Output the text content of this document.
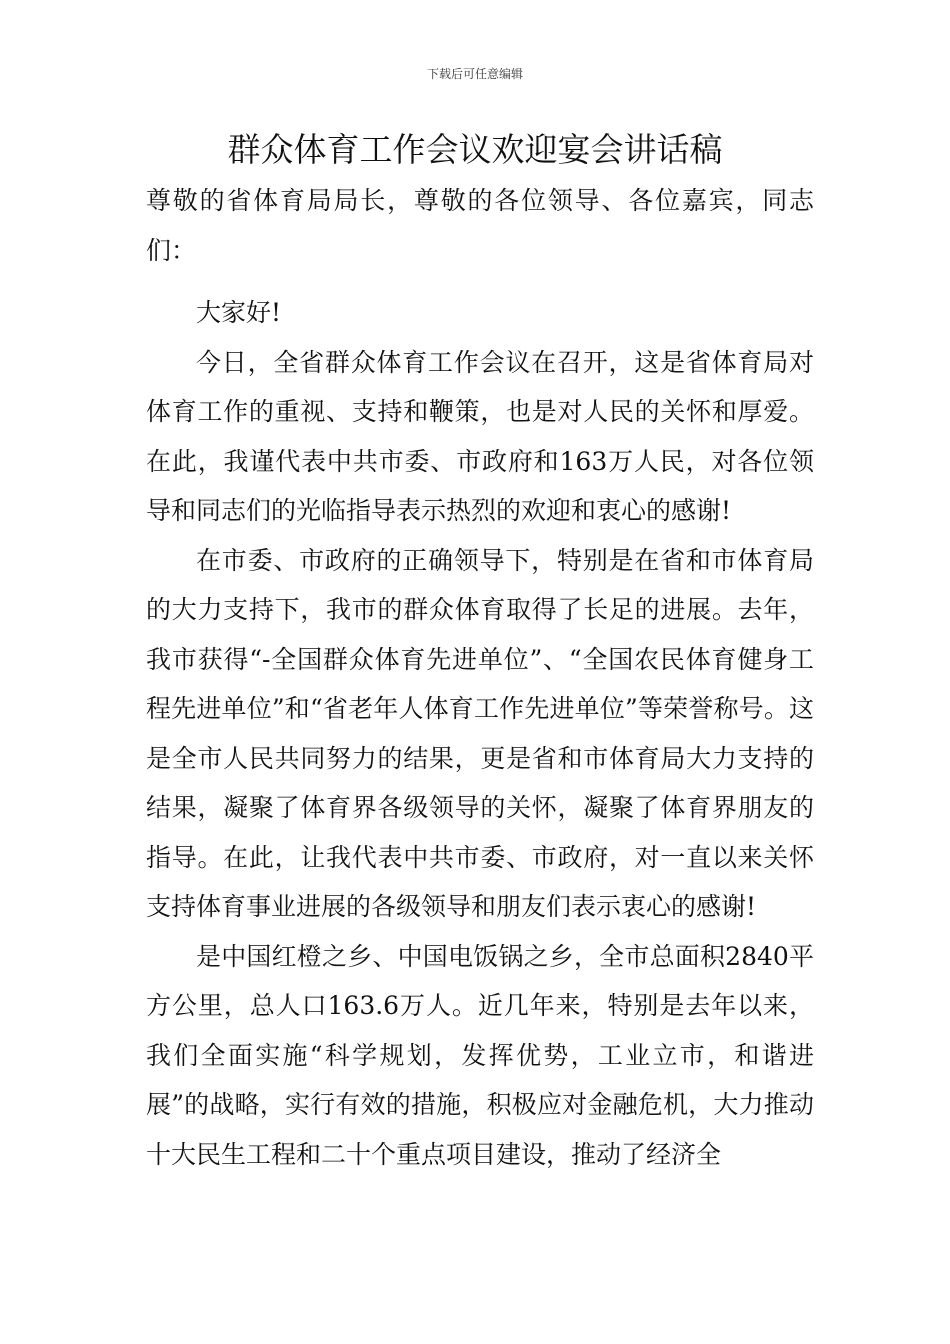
下载后可任意编辑
群众体育工作会议欢迎宴会讲话稿

尊敬的省体育局局长，尊敬的各位领导、各位嘉宾，同志们：

大家好!

今日，全省群众体育工作会议在召开，这是省体育局对体育工作的重视、支持和鞭策，也是对人民的关怀和厚爱。在此，我谨代表中共市委、市政府和163万人民，对各位领导和同志们的光临指导表示热烈的欢迎和衷心的感谢!

在市委、市政府的正确领导下，特别是在省和市体育局的大力支持下，我市的群众体育取得了长足的进展。去年，我市获得“-全国群众体育先进单位”、“全国农民体育健身工程先进单位”和“省老年人体育工作先进单位”等荣誉称号。这是全市人民共同努力的结果，更是省和市体育局大力支持的结果，凝聚了体育界各级领导的关怀，凝聚了体育界朋友的指导。在此，让我代表中共市委、市政府，对一直以来关怀支持体育事业进展的各级领导和朋友们表示衷心的感谢!

是中国红橙之乡、中国电饭锅之乡，全市总面积2840平方公里，总人口163.6万人。近几年来，特别是去年以来，我们全面实施“科学规划，发挥优势，工业立市，和谐进展”的战略，实行有效的措施，积极应对金融危机，大力推动十大民生工程和二十个重点项目建设，推动了经济全
